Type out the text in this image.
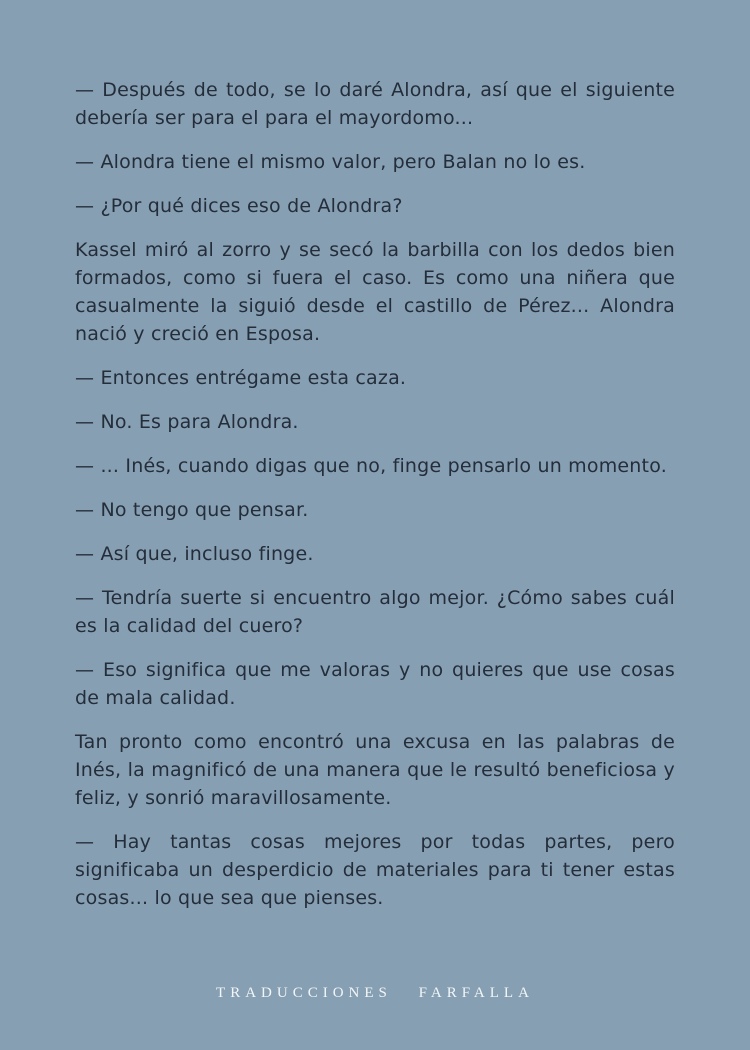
— Después de todo, se lo daré Alondra, así que el siguiente debería ser para el para el mayordomo...

— Alondra tiene el mismo valor, pero Balan no lo es.

— ¿Por qué dices eso de Alondra?

Kassel miró al zorro y se secó la barbilla con los dedos bien formados, como si fuera el caso. Es como una niñera que casualmente la siguió desde el castillo de Pérez... Alondra nació y creció en Esposa.

— Entonces entrégame esta caza.

— No. Es para Alondra.

— ... Inés, cuando digas que no, finge pensarlo un momento.

— No tengo que pensar.

— Así que, incluso finge.

— Tendría suerte si encuentro algo mejor. ¿Cómo sabes cuál es la calidad del cuero?

— Eso significa que me valoras y no quieres que use cosas de mala calidad.

Tan pronto como encontró una excusa en las palabras de Inés, la magnificó de una manera que le resultó beneficiosa y feliz, y sonrió maravillosamente.

— Hay tantas cosas mejores por todas partes, pero significaba un desperdicio de materiales para ti tener estas cosas... lo que sea que pienses.

TRADUCCIONES FARFALLA
